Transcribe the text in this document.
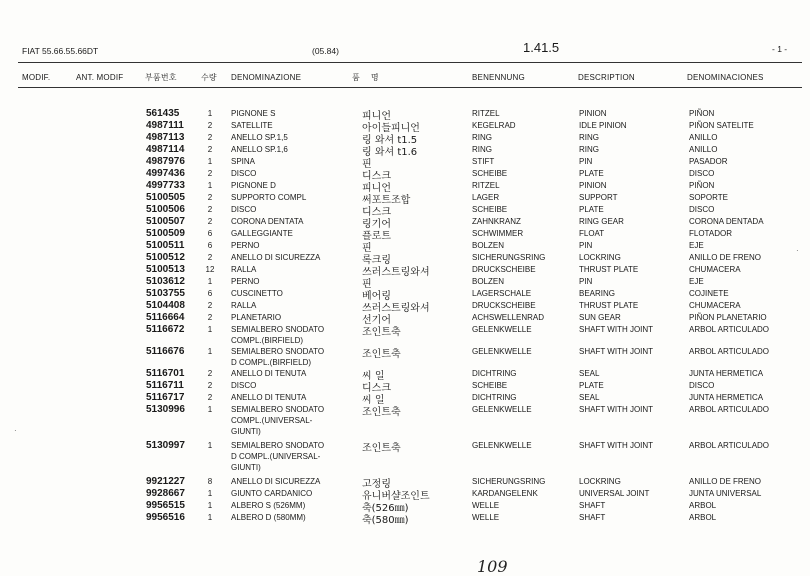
FIAT 55.66.55.66DT	(05.84)	1.41.5	- 1 -
MODIF.	ANT. MODIF	부품번호	수량 DENOMINAZIONE	품    명	BENENNUNG	DESCRIPTION	DENOMINACIONES
561435	1	PIGNONE S	피니언	RITZEL	PINION	PIÑON
4987111	2	SATELLITE	아이들피니언	KEGELRAD	IDLE PINION	PIÑON SATELITE
4987113	2	ANELLO SP.1,5	링 와셔 t1.5	RING	RING	ANILLO
4987114	2	ANELLO SP.1,6	링 와셔 t1.6	RING	RING	ANILLO
4987976	1	SPINA	핀	STIFT	PIN	PASADOR
4997436	2	DISCO	디스크	SCHEIBE	PLATE	DISCO
4997733	1	PIGNONE D	피니언	RITZEL	PINION	PIÑON
5100505	2	SUPPORTO COMPL	써포트조합	LAGER	SUPPORT	SOPORTE
5100506	2	DISCO	디스크	SCHEIBE	PLATE	DISCO
5100507	2	CORONA DENTATA	링기어	ZAHNKRANZ	RING GEAR	CORONA DENTADA
5100509	6	GALLEGGIANTE	플로트	SCHWIMMER	FLOAT	FLOTADOR
5100511	6	PERNO	핀	BOLZEN	PIN	EJE
5100512	2	ANELLO DI SICUREZZA	록크링	SICHERUNGSRING	LOCKRING	ANILLO DE FRENO
5100513	12	RALLA	쓰러스트링와셔	DRUCKSCHEIBE	THRUST PLATE	CHUMACERA
5103612	1	PERNO	핀	BOLZEN	PIN	EJE
5103755	6	CUSCINETTO	베어링	LAGERSCHALE	BEARING	COJINETE
5104408	2	RALLA	쓰러스트링와셔	DRUCKSCHEIBE	THRUST PLATE	CHUMACERA
5116664	2	PLANETARIO	선기어	ACHSWELLENRAD	SUN GEAR	PIÑON PLANETARIO
5116672	1	SEMIALBERO SNODATO
COMPL.(BIRFIELD)
조인트축	GELENKWELLE	SHAFT WITH JOINT	ARBOL ARTICULADO
5116676	1	SEMIALBERO SNODATO
D COMPL.(BIRFIELD)
조인트축	GELENKWELLE	SHAFT WITH JOINT	ARBOL ARTICULADO
5116701	2	ANELLO DI TENUTA	씨 일	DICHTRING	SEAL	JUNTA HERMETICA
5116711	2	DISCO	디스크	SCHEIBE	PLATE	DISCO
5116717	2	ANELLO DI TENUTA	씨 일	DICHTRING	SEAL	JUNTA HERMETICA
5130996	1	SEMIALBERO SNODATO
COMPL.(UNIVERSAL-
GIUNTI)
조인트축	GELENKWELLE	SHAFT WITH JOINT	ARBOL ARTICULADO
5130997	1	SEMIALBERO SNODATO
D COMPL.(UNIVERSAL-
GIUNTI)
조인트축	GELENKWELLE	SHAFT WITH JOINT	ARBOL ARTICULADO
9921227	8	ANELLO DI SICUREZZA	고정링	SICHERUNGSRING	LOCKRING	ANILLO DE FRENO
9928667	1	GIUNTO CARDANICO	유니버샬조인트	KARDANGELENK	UNIVERSAL JOINT	JUNTA UNIVERSAL
9956515	1	ALBERO S (526MM)	축(526㎜)	WELLE	SHAFT	ARBOL
9956516	1	ALBERO D (580MM)	축(580㎜)	WELLE	SHAFT	ARBOL
·
·
109
